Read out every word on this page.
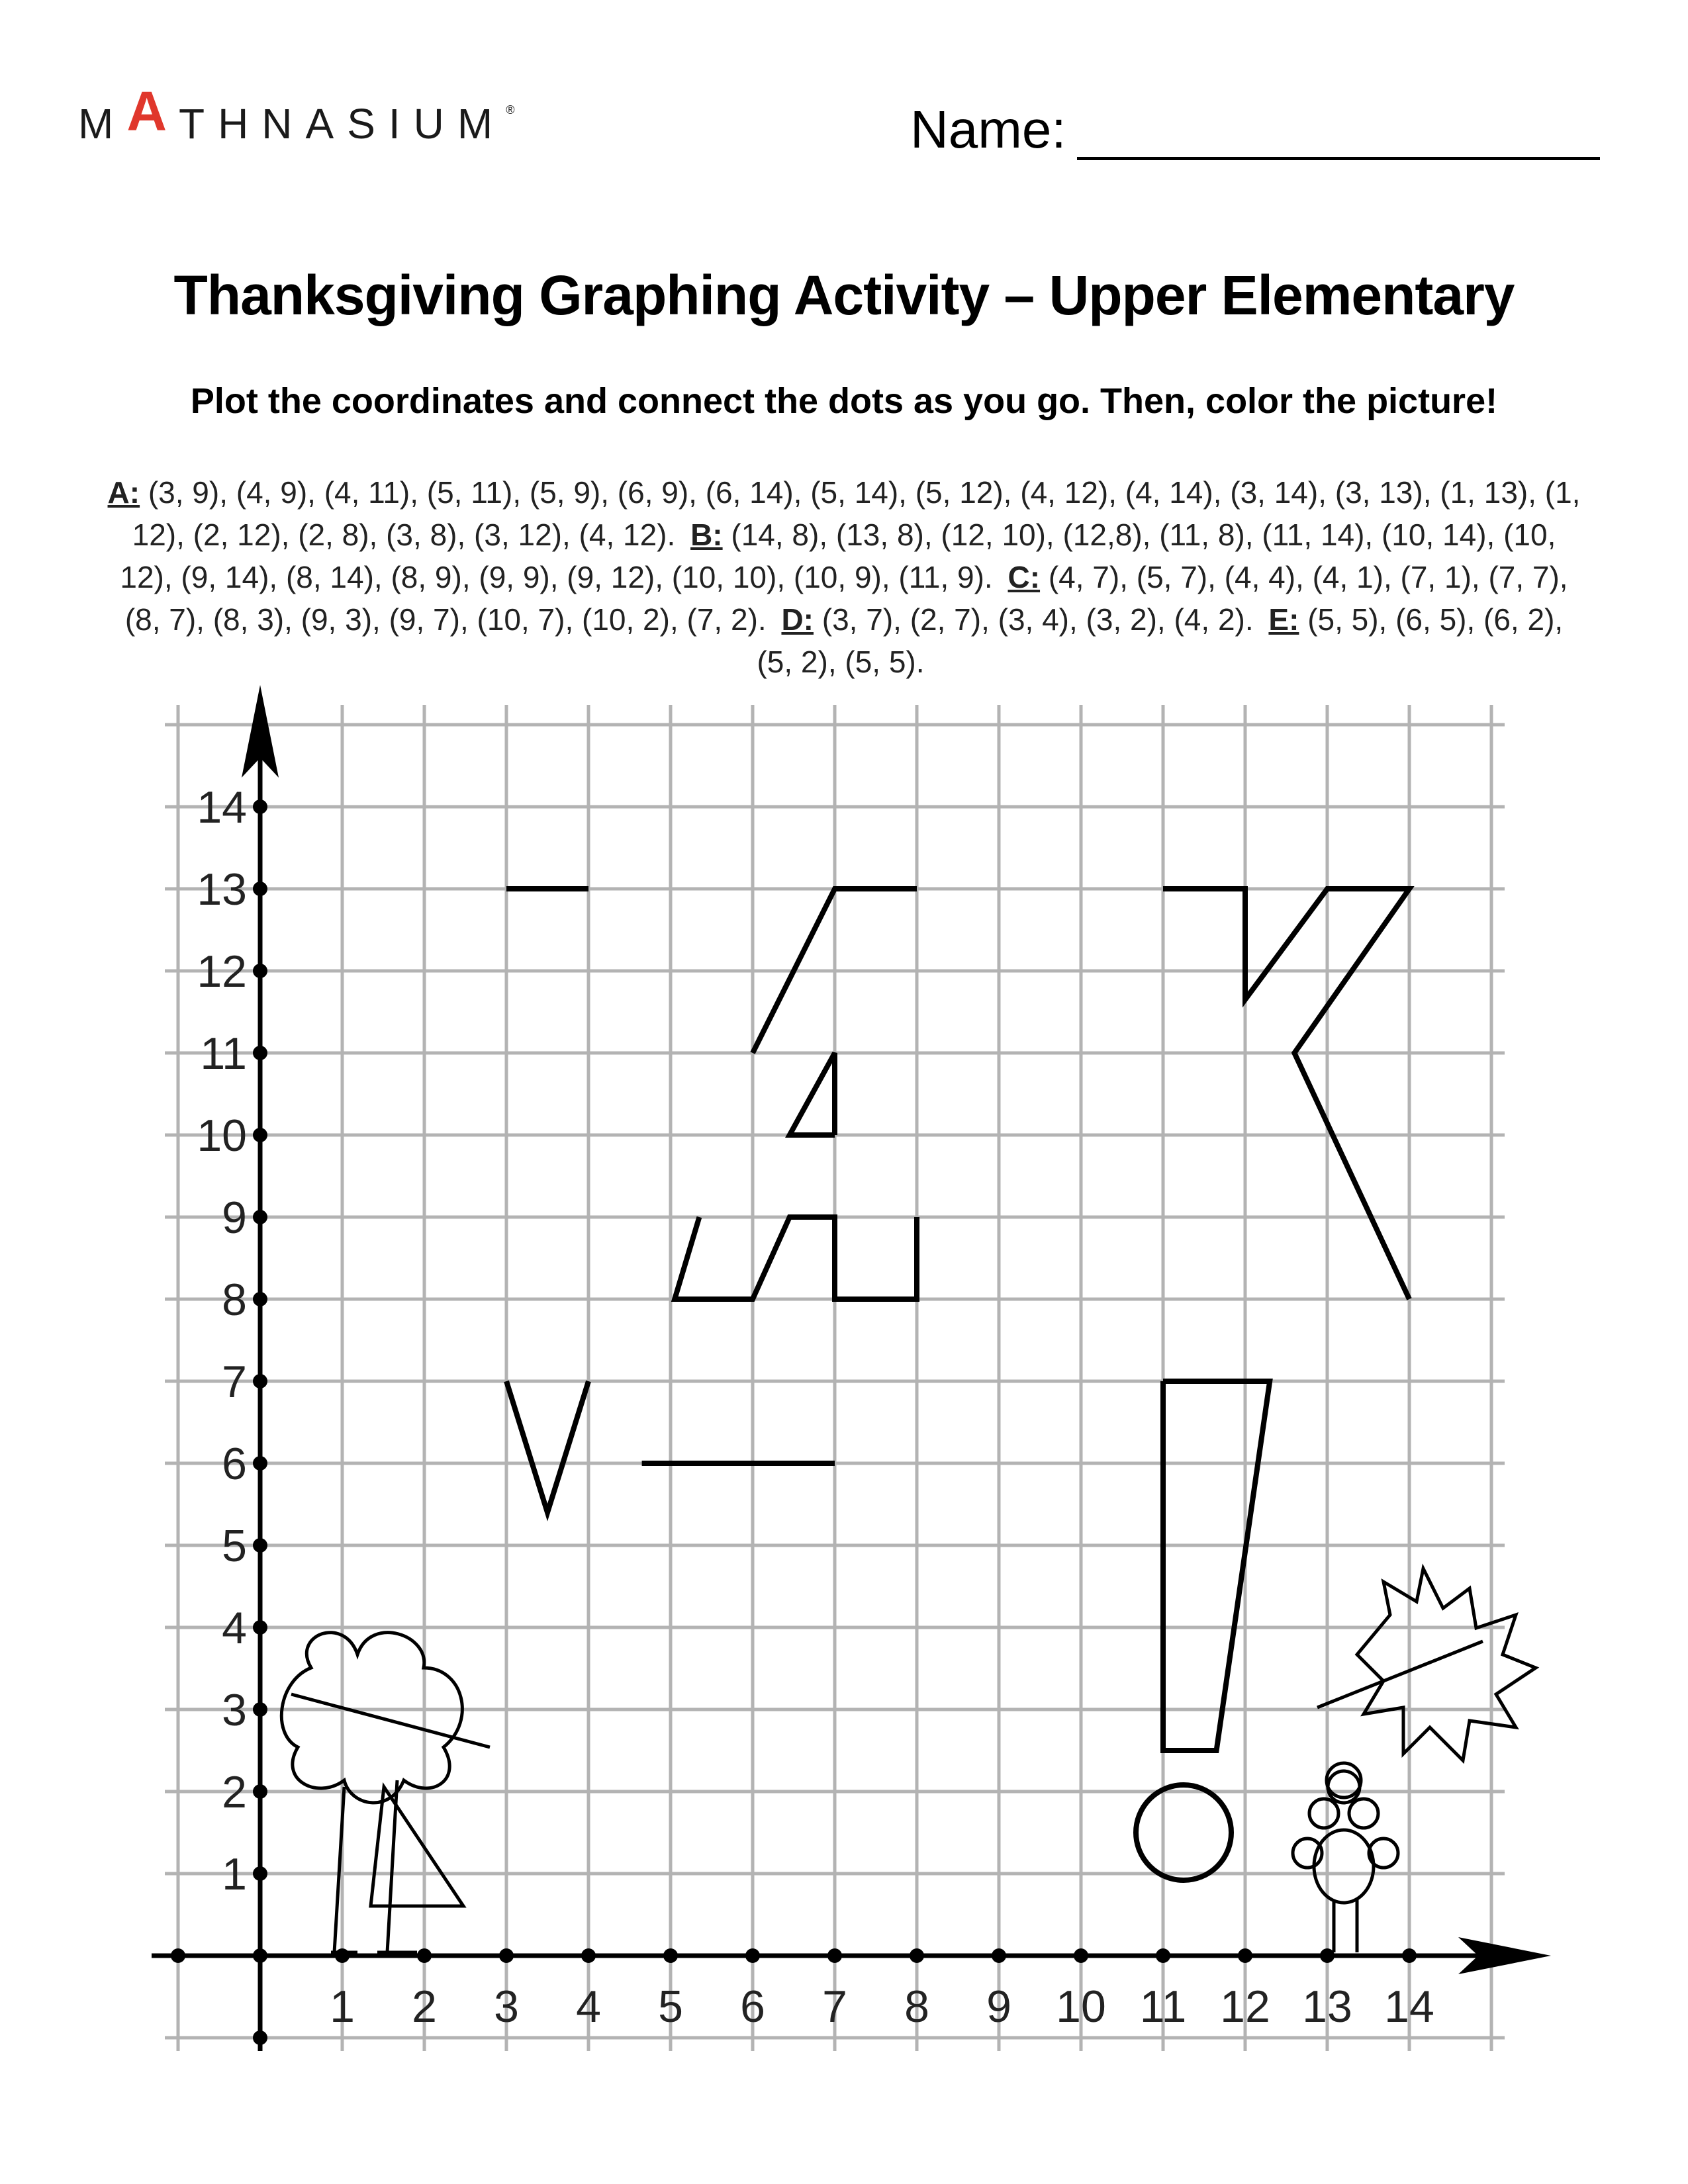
M A THNASIUM ®	Name:
Thanksgiving Graphing Activity – Upper Elementary
Plot the coordinates and connect the dots as you go. Then, color the picture!
A: (3, 9), (4, 9), (4, 11), (5, 11), (5, 9), (6, 9), (6, 14), (5, 14), (5, 12), (4, 12), (4, 14), (3, 14), (3, 13), (1, 13), (1, 12), (2, 12), (2, 8), (3, 8), (3, 12), (4, 12). B: (14, 8), (13, 8), (12, 10), (12,8), (11, 8), (11, 14), (10, 14), (10, 12), (9, 14), (8, 14), (8, 9), (9, 9), (9, 12), (10, 10), (10, 9), (11, 9). C: (4, 7), (5, 7), (4, 4), (4, 1), (7, 1), (7, 7), (8, 7), (8, 3), (9, 3), (9, 7), (10, 7), (10, 2), (7, 2). D: (3, 7), (2, 7), (3, 4), (3, 2), (4, 2). E: (5, 5), (6, 5), (6, 2), (5, 2), (5, 5).
1 2 3 4 5 6 7 8 9 10 11 12 13 14
1
2
3
4
5
6
7
8
9
10
11
12
13
14
